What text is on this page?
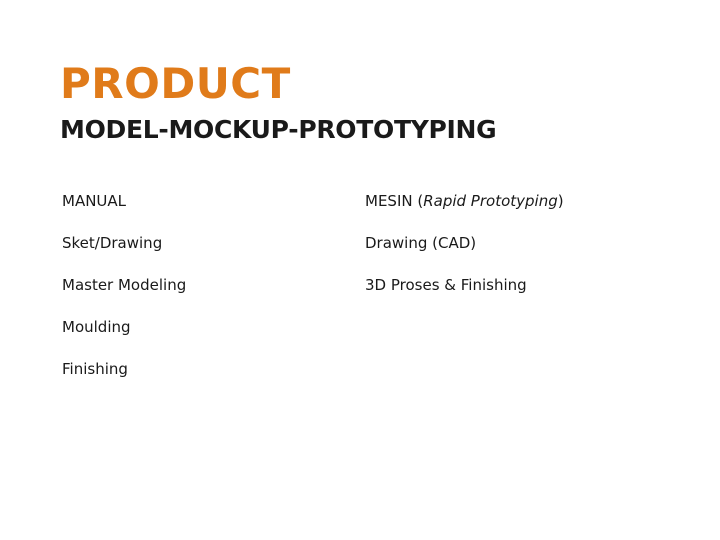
PRODUCT
MODEL-MOCKUP-PROTOTYPING
MANUAL
Sket/Drawing
Master Modeling
Moulding
Finishing
MESIN (Rapid Prototyping)
Drawing (CAD)
3D Proses & Finishing
